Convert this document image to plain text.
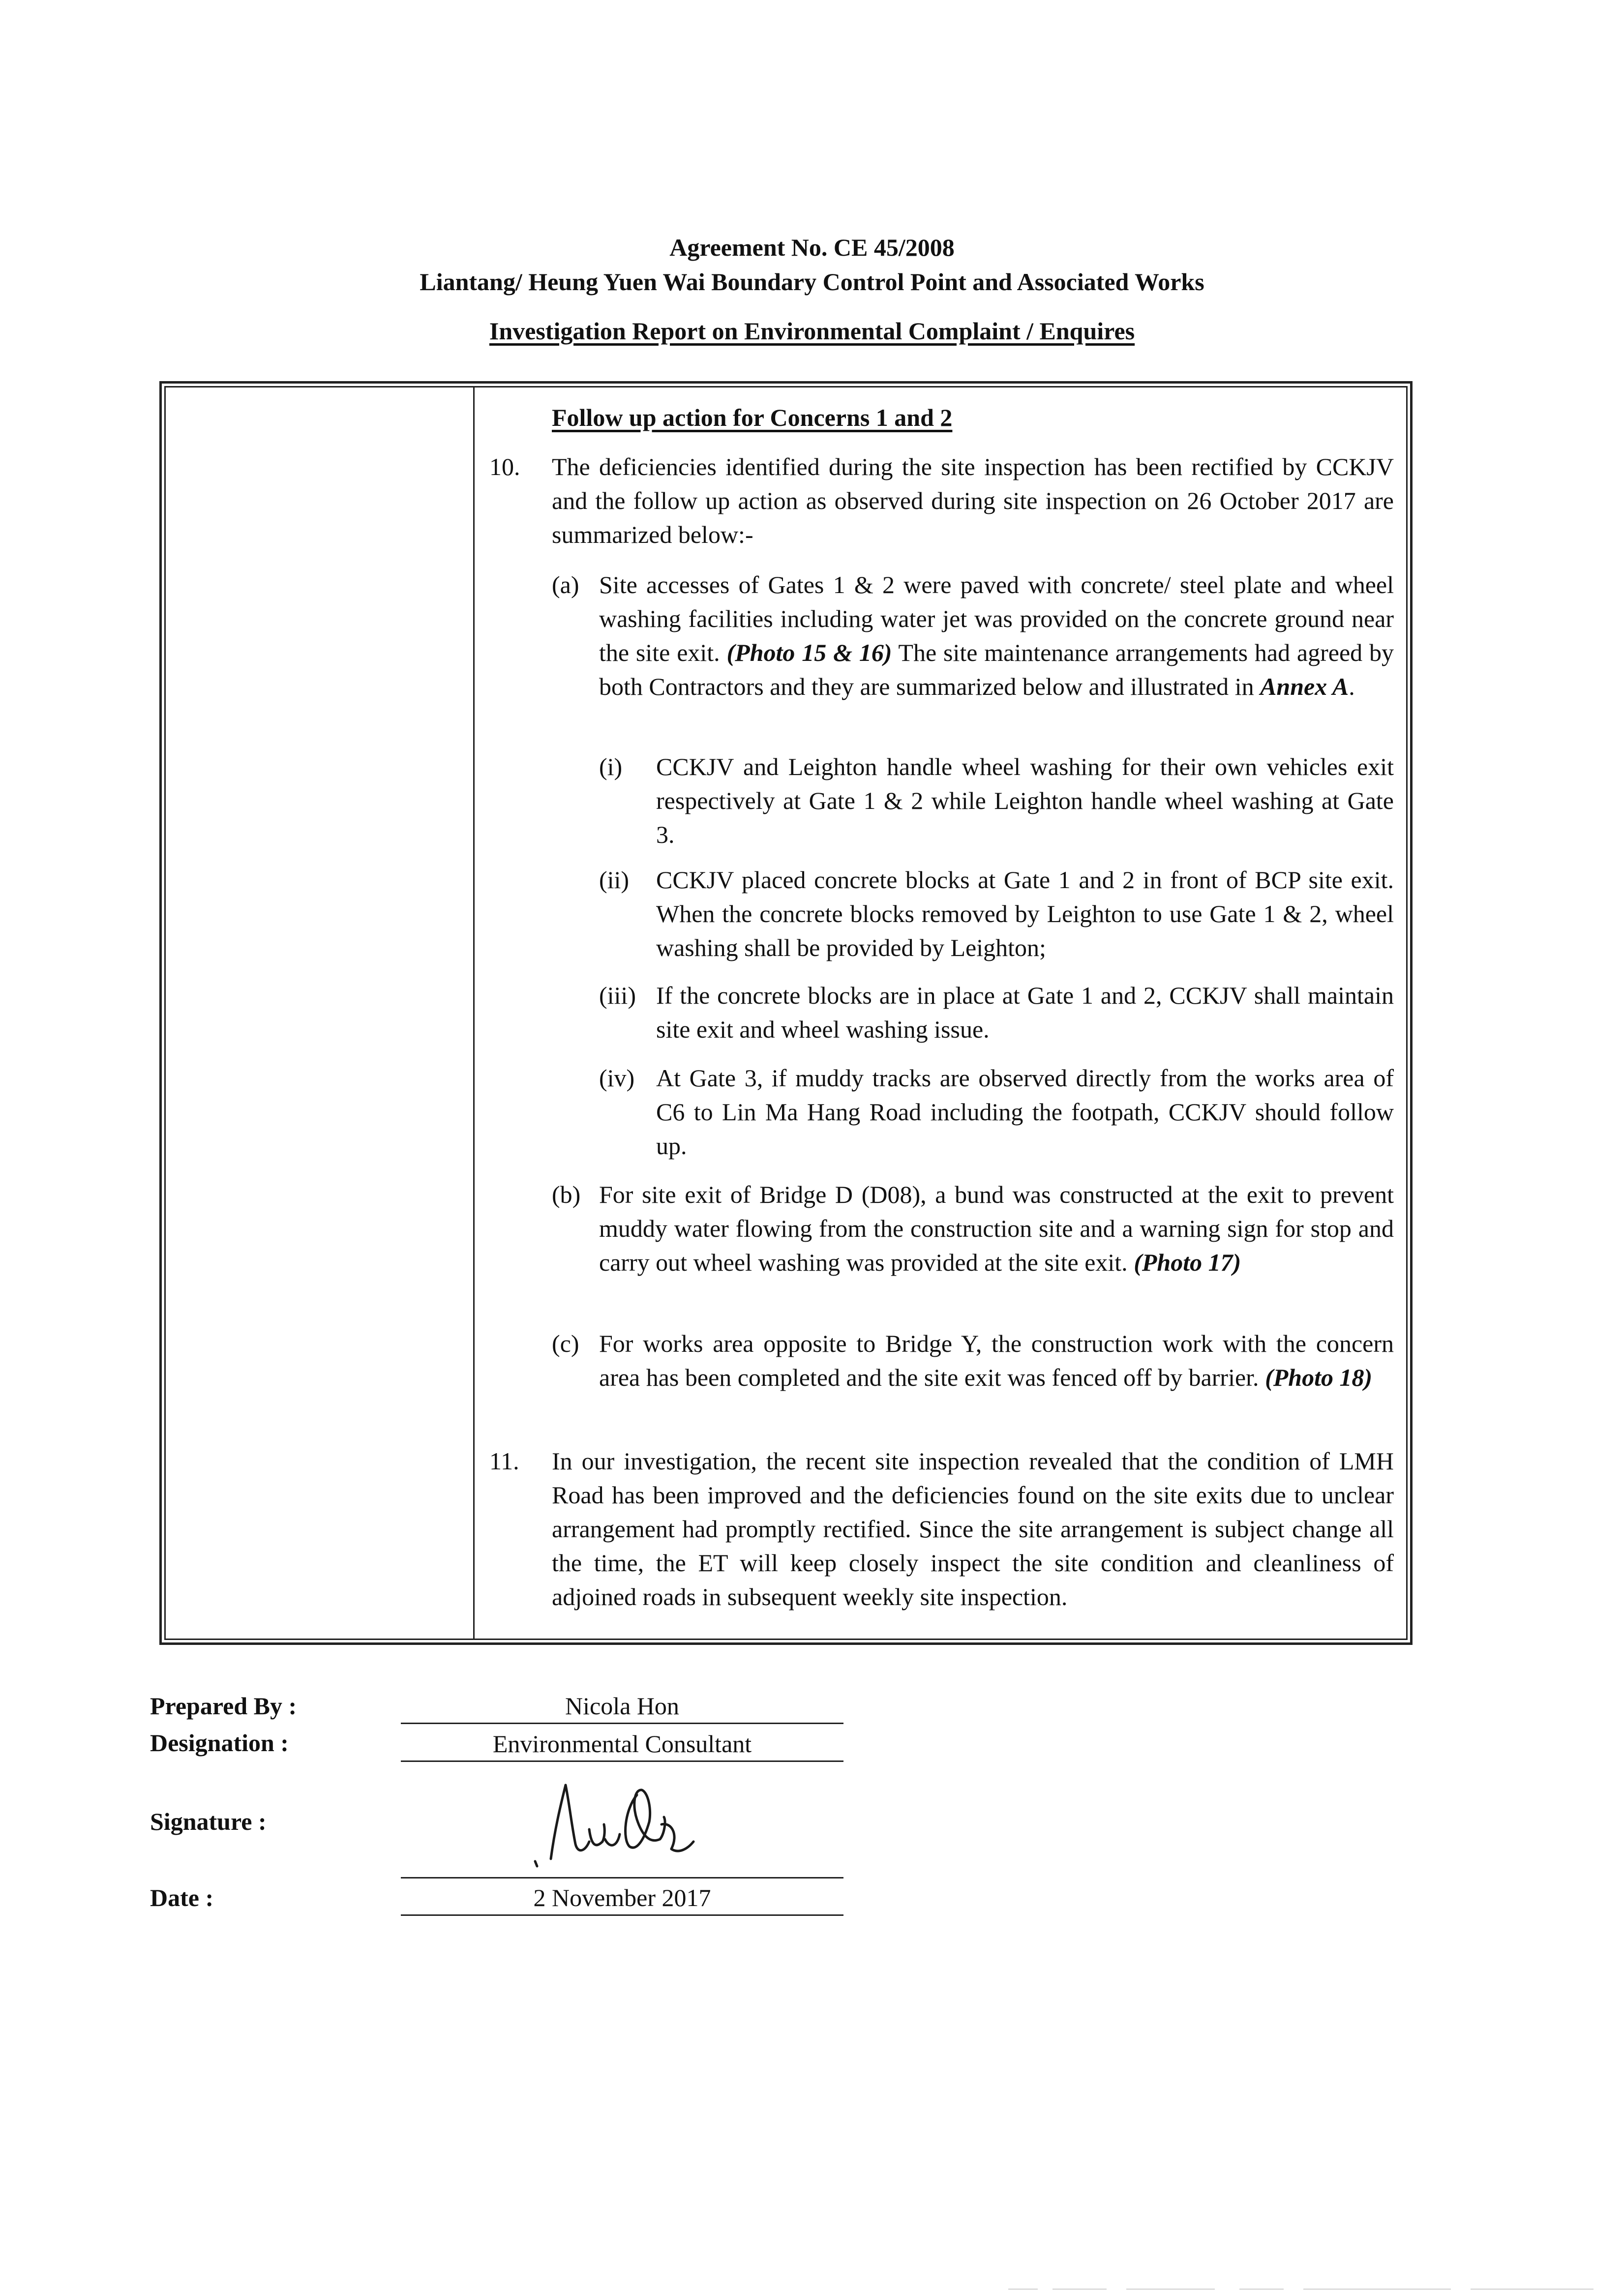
Agreement No. CE 45/2008
Liantang/ Heung Yuen Wai Boundary Control Point and Associated Works
Investigation Report on Environmental Complaint / Enquires
Follow up action for Concerns 1 and 2
10. The deficiencies identified during the site inspection has been rectified by CCKJV and the follow up action as observed during site inspection on 26 October 2017 are summarized below:-
(a) Site accesses of Gates 1 & 2 were paved with concrete/ steel plate and wheel washing facilities including water jet was provided on the concrete ground near the site exit. (Photo 15 & 16) The site maintenance arrangements had agreed by both Contractors and they are summarized below and illustrated in Annex A.
(i) CCKJV and Leighton handle wheel washing for their own vehicles exit respectively at Gate 1 & 2 while Leighton handle wheel washing at Gate 3.
(ii) CCKJV placed concrete blocks at Gate 1 and 2 in front of BCP site exit. When the concrete blocks removed by Leighton to use Gate 1 & 2, wheel washing shall be provided by Leighton;
(iii) If the concrete blocks are in place at Gate 1 and 2, CCKJV shall maintain site exit and wheel washing issue.
(iv) At Gate 3, if muddy tracks are observed directly from the works area of C6 to Lin Ma Hang Road including the footpath, CCKJV should follow up.
(b) For site exit of Bridge D (D08), a bund was constructed at the exit to prevent muddy water flowing from the construction site and a warning sign for stop and carry out wheel washing was provided at the site exit. (Photo 17)
(c) For works area opposite to Bridge Y, the construction work with the concern area has been completed and the site exit was fenced off by barrier. (Photo 18)
11. In our investigation, the recent site inspection revealed that the condition of LMH Road has been improved and the deficiencies found on the site exits due to unclear arrangement had promptly rectified. Since the site arrangement is subject change all the time, the ET will keep closely inspect the site condition and cleanliness of adjoined roads in subsequent weekly site inspection.
Prepared By :	Nicola Hon
Designation :	Environmental Consultant
Signature :
Date :	2 November 2017
